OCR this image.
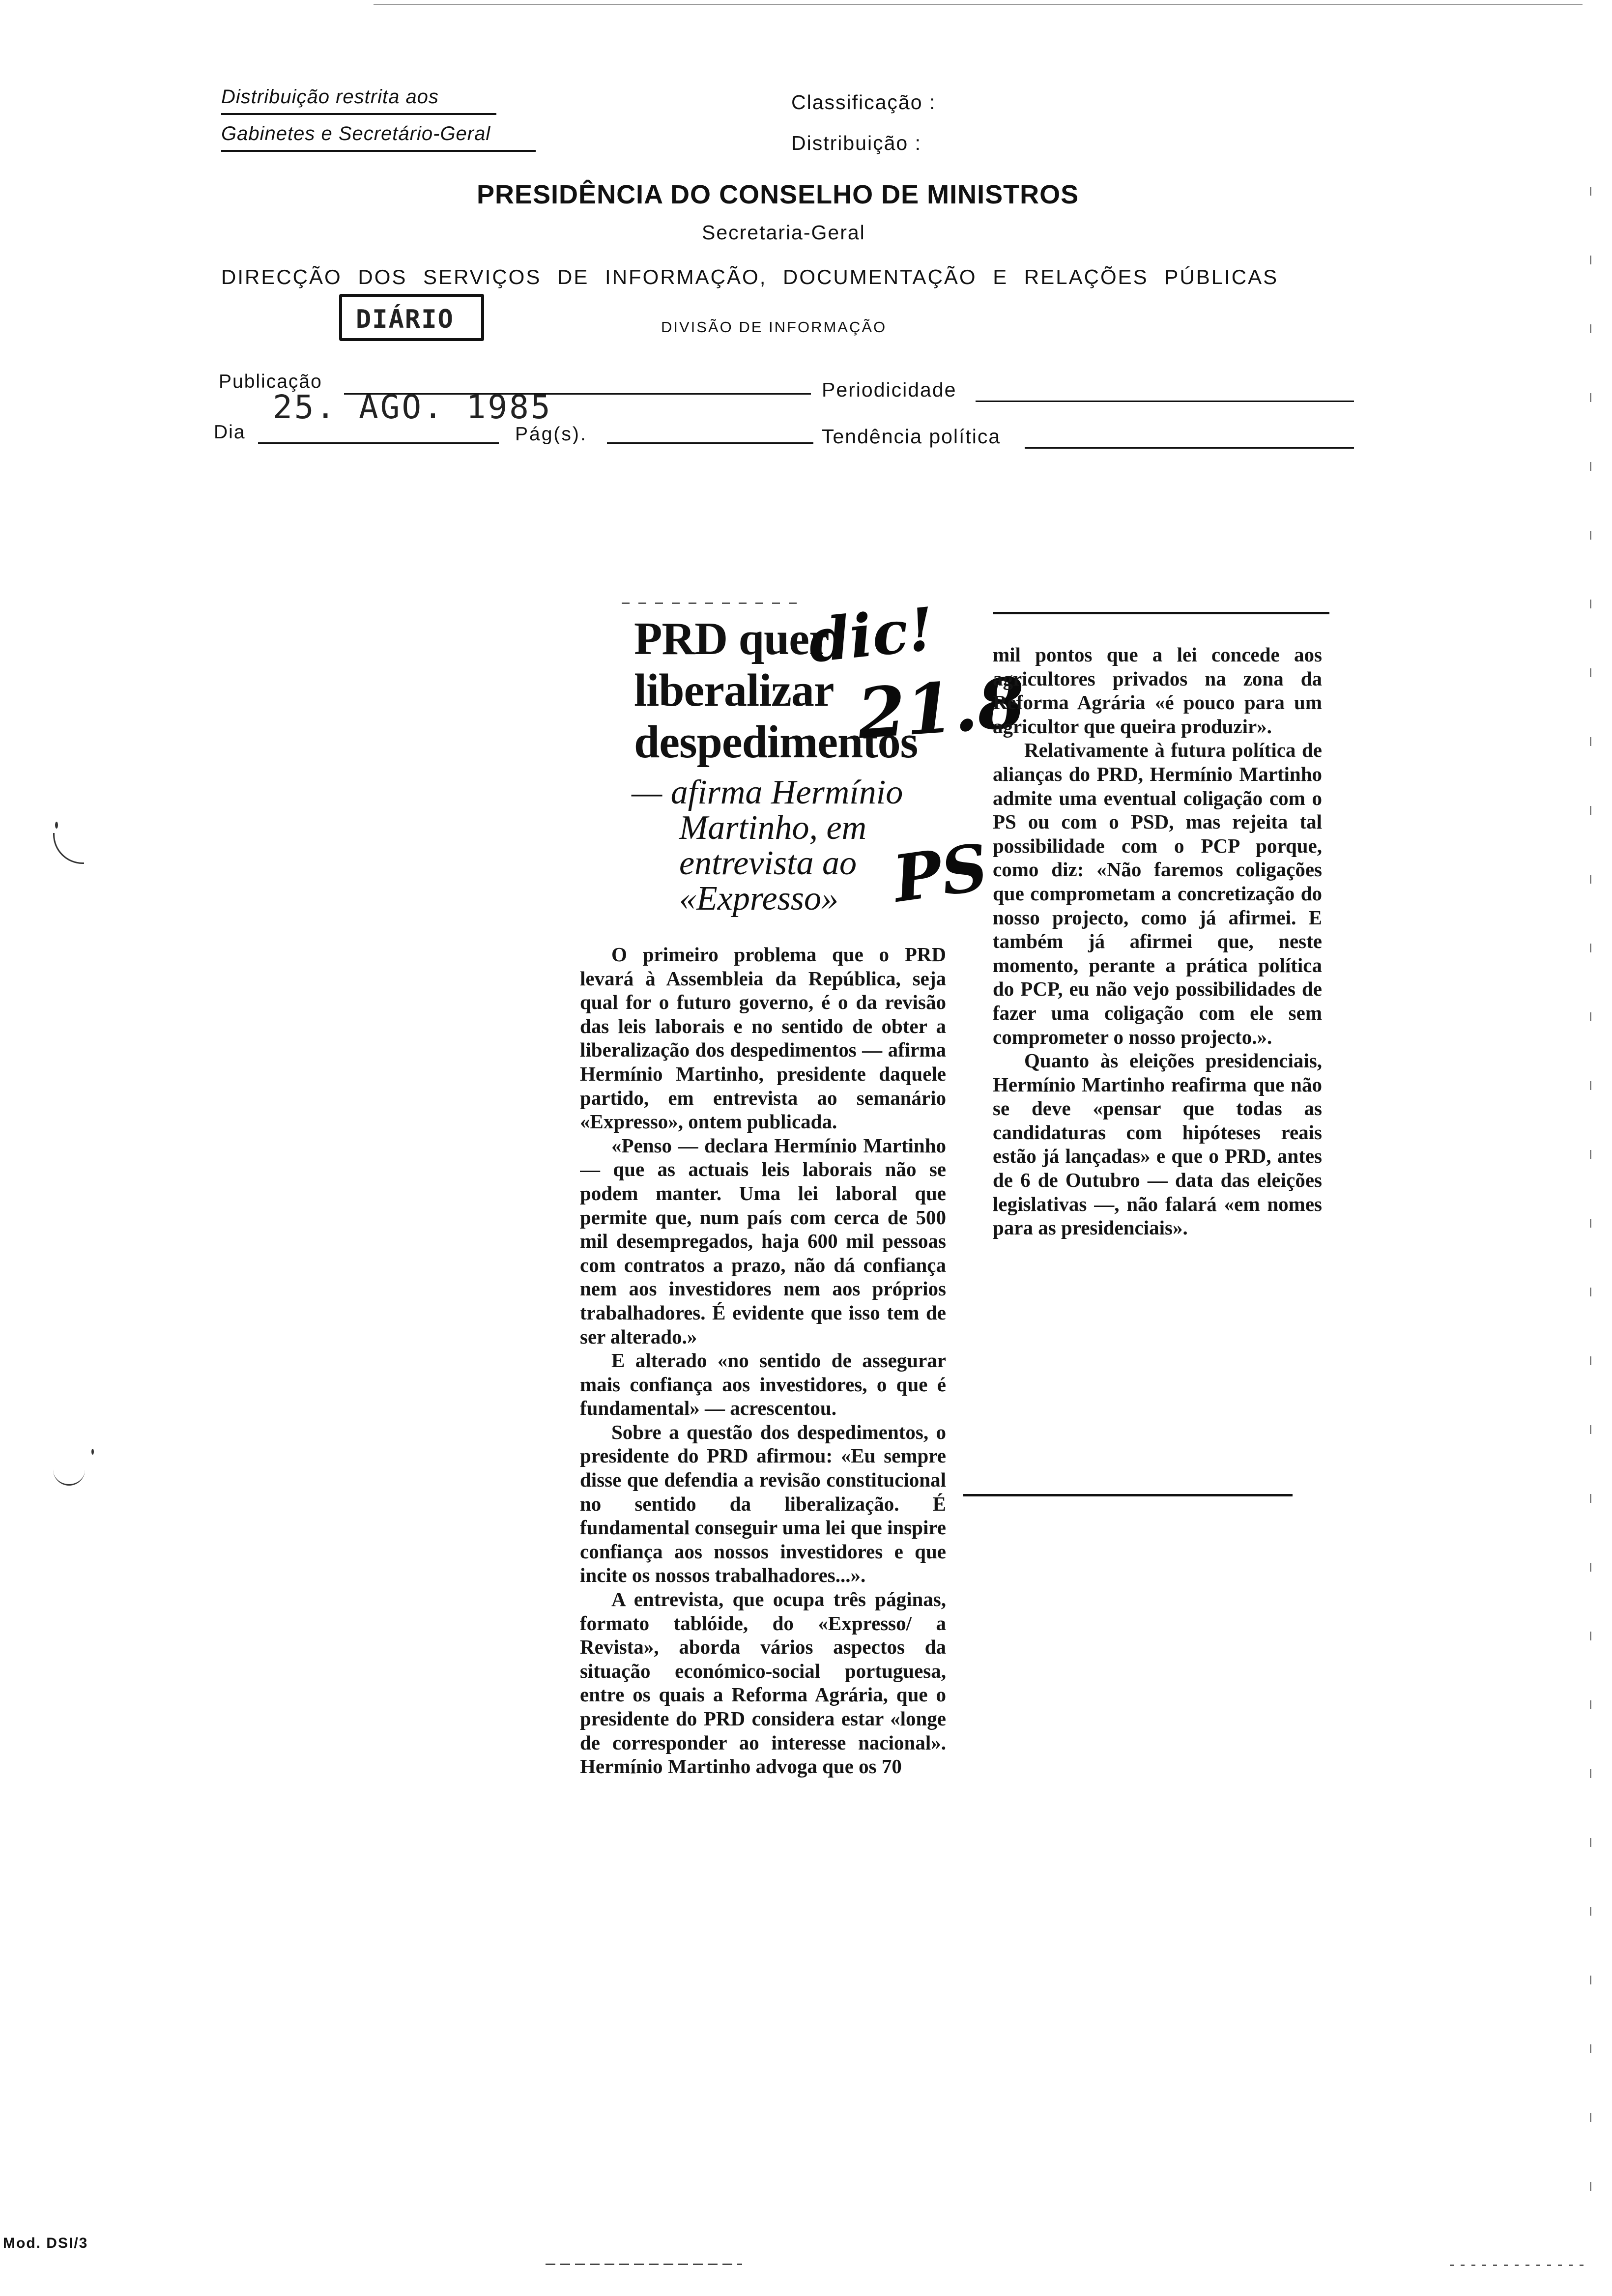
Distribuição restrita aos
Gabinetes e Secretário-Geral
Classificação :
Distribuição :
PRESIDÊNCIA DO CONSELHO DE MINISTROS
Secretaria-Geral
DIRECÇÃO DOS SERVIÇOS DE INFORMAÇÃO, DOCUMENTAÇÃO E RELAÇÕES PÚBLICAS
DIÁRIO	DIVISÃO DE INFORMAÇÃO
Publicação
25. AGO. 1985	Periodicidade
Dia	Pág(s).	Tendência política
PRD quer
liberalizar
despedimentos
— afirma Hermínio
Martinho, em
entrevista ao
«Expresso»
dic!
21.8
PS

O primeiro problema que o PRD levará à Assembleia da República, seja qual for o futuro governo, é o da revisão das leis laborais e no sentido de obter a liberalização dos despedimentos — afirma Hermínio Martinho, presidente daquele partido, em entrevista ao semanário «Expresso», ontem publicada.

«Penso — declara Hermínio Martinho — que as actuais leis laborais não se podem manter. Uma lei laboral que permite que, num país com cerca de 500 mil desempregados, haja 600 mil pessoas com contratos a prazo, não dá confiança nem aos investidores nem aos próprios trabalhadores. É evidente que isso tem de ser alterado.»

E alterado «no sentido de assegurar mais confiança aos investidores, o que é fundamental» — acrescentou.

Sobre a questão dos despedimentos, o presidente do PRD afirmou: «Eu sempre disse que defendia a revisão constitucional no sentido da liberalização. É fundamental conseguir uma lei que inspire confiança aos nossos investidores e que incite os nossos trabalhadores...».

A entrevista, que ocupa três páginas, formato tablóide, do «Expresso/ a Revista», aborda vários aspectos da situação económico-social portuguesa, entre os quais a Reforma Agrária, que o presidente do PRD considera estar «longe de corresponder ao interesse nacional». Hermínio Martinho advoga que os 70

mil pontos que a lei concede aos agricultores privados na zona da Reforma Agrária «é pouco para um agricultor que queira produzir».

Relativamente à futura política de alianças do PRD, Hermínio Martinho admite uma eventual coligação com o PS ou com o PSD, mas rejeita tal possibilidade com o PCP porque, como diz: «Não faremos coligações que comprometam a concretização do nosso projecto, como já afirmei. E também já afirmei que, neste momento, perante a prática política do PCP, eu não vejo possibilidades de fazer uma coligação com ele sem comprometer o nosso projecto.».

Quanto às eleições presidenciais, Hermínio Martinho reafirma que não se deve «pensar que todas as candidaturas com hipóteses reais estão já lançadas» e que o PRD, antes de 6 de Outubro — data das eleições legislativas —, não falará «em nomes para as presidenciais».

Mod. DSI/3
